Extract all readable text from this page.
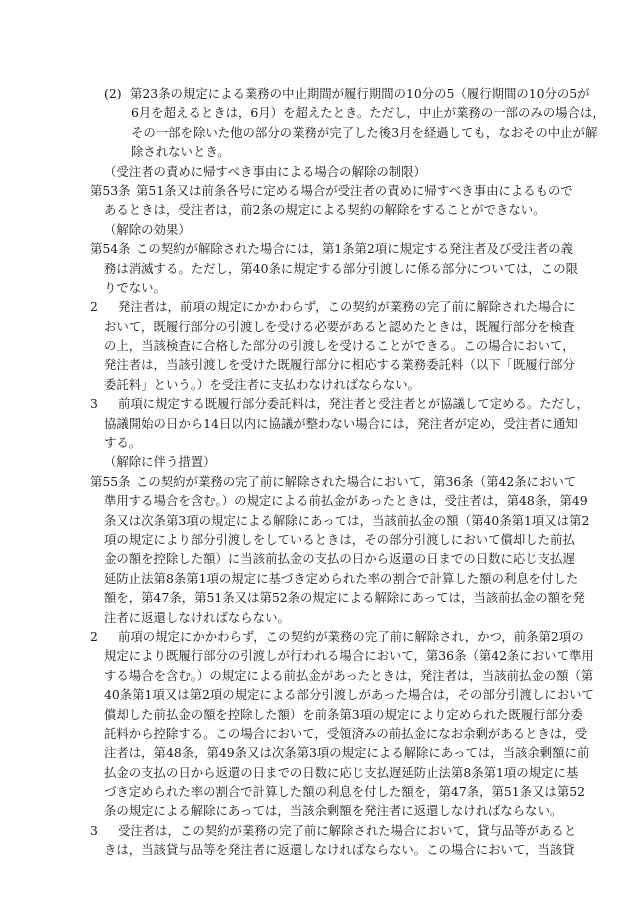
(2) 第23条の規定による業務の中止期間が履行期間の10分の5（履行期間の10分の5が
6月を超えるときは，6月）を超えたとき。ただし，中止が業務の一部のみの場合は，
その一部を除いた他の部分の業務が完了した後3月を経過しても，なおその中止が解
除されないとき。
（受注者の責めに帰すべき事由による場合の解除の制限）
第53条 第51条又は前条各号に定める場合が受注者の責めに帰すべき事由によるもので
あるときは，受注者は，前2条の規定による契約の解除をすることができない。
（解除の効果）
第54条 この契約が解除された場合には，第1条第2項に規定する発注者及び受注者の義
務は消滅する。ただし，第40条に規定する部分引渡しに係る部分については，この限
りでない。
2 発注者は，前項の規定にかかわらず，この契約が業務の完了前に解除された場合に
おいて，既履行部分の引渡しを受ける必要があると認めたときは，既履行部分を検査
の上，当該検査に合格した部分の引渡しを受けることができる。この場合において，
発注者は，当該引渡しを受けた既履行部分に相応する業務委託料（以下「既履行部分
委託料」という。）を受注者に支払わなければならない。
3 前項に規定する既履行部分委託料は，発注者と受注者とが協議して定める。ただし，
協議開始の日から14日以内に協議が整わない場合には，発注者が定め，受注者に通知
する。
（解除に伴う措置）
第55条 この契約が業務の完了前に解除された場合において，第36条（第42条において
準用する場合を含む。）の規定による前払金があったときは，受注者は，第48条，第49
条又は次条第3項の規定による解除にあっては，当該前払金の額（第40条第1項又は第2
項の規定により部分引渡しをしているときは，その部分引渡しにおいて償却した前払
金の額を控除した額）に当該前払金の支払の日から返還の日までの日数に応じ支払遅
延防止法第8条第1項の規定に基づき定められた率の割合で計算した額の利息を付した
額を，第47条，第51条又は第52条の規定による解除にあっては，当該前払金の額を発
注者に返還しなければならない。
2 前項の規定にかかわらず，この契約が業務の完了前に解除され，かつ，前条第2項の
規定により既履行部分の引渡しが行われる場合において，第36条（第42条において準用
する場合を含む。）の規定による前払金があったときは，発注者は，当該前払金の額（第
40条第1項又は第2項の規定による部分引渡しがあった場合は，その部分引渡しにおいて
償却した前払金の額を控除した額）を前条第3項の規定により定められた既履行部分委
託料から控除する。この場合において，受領済みの前払金になお余剰があるときは，受
注者は，第48条，第49条又は次条第3項の規定による解除にあっては，当該余剰額に前
払金の支払の日から返還の日までの日数に応じ支払遅延防止法第8条第1項の規定に基
づき定められた率の割合で計算した額の利息を付した額を，第47条，第51条又は第52
条の規定による解除にあっては，当該余剰額を発注者に返還しなければならない。
3 受注者は，この契約が業務の完了前に解除された場合において，貸与品等があると
きは，当該貸与品等を発注者に返還しなければならない。この場合において，当該貸
